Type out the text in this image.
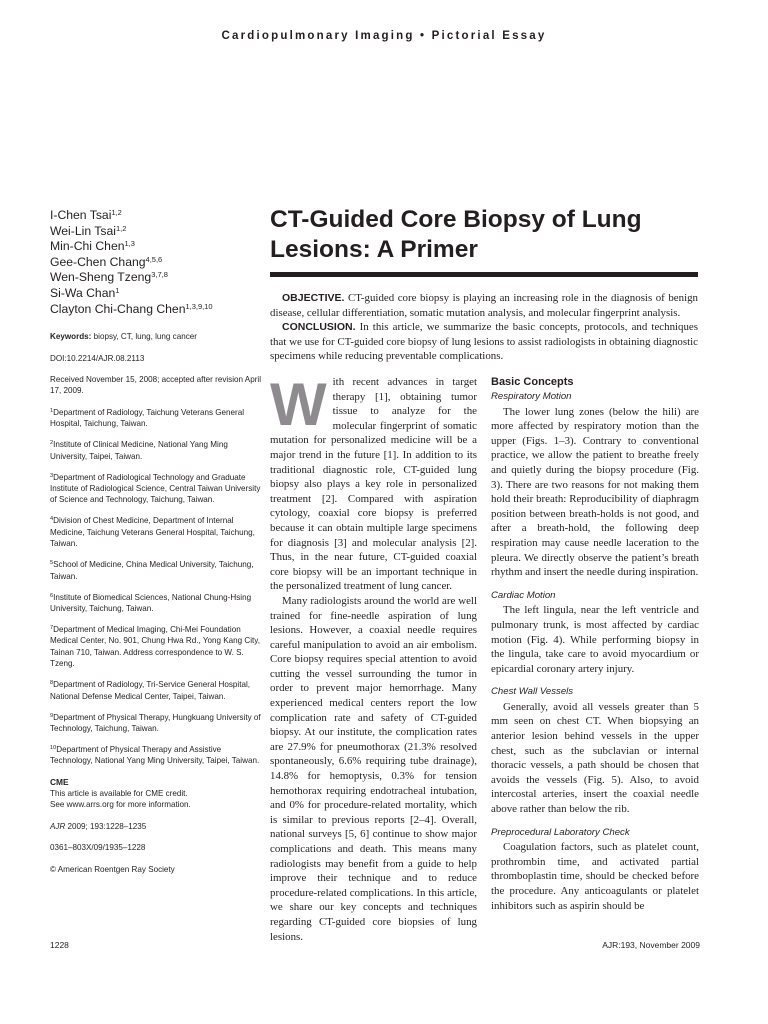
Cardiopulmonary Imaging • Pictorial Essay
I-Chen Tsai$^{1,2}$
Wei-Lin Tsai$^{1,2}$
Min-Chi Chen$^{1,3}$
Gee-Chen Chang$^{4,5,6}$
Wen-Sheng Tzeng$^{3,7,8}$
Si-Wa Chan$^1$
Clayton Chi-Chang Chen$^{1,3,9,10}$

Keywords: biopsy, CT, lung, lung cancer

DOI:10.2214/AJR.08.2113

Received November 15, 2008; accepted after revision April 17, 2009.

$^1$Department of Radiology, Taichung Veterans General Hospital, Taichung, Taiwan.
$^2$Institute of Clinical Medicine, National Yang Ming University, Taipei, Taiwan.
$^3$Department of Radiological Technology and Graduate Institute of Radiological Science, Central Taiwan University of Science and Technology, Taichung, Taiwan.
$^4$Division of Chest Medicine, Department of Internal Medicine, Taichung Veterans General Hospital, Taichung, Taiwan.
$^5$School of Medicine, China Medical University, Taichung, Taiwan.
$^6$Institute of Biomedical Sciences, National Chung-Hsing University, Taichung, Taiwan.
$^7$Department of Medical Imaging, Chi-Mei Foundation Medical Center, No. 901, Chung Hwa Rd., Yong Kang City, Tainan 710, Taiwan. Address correspondence to W. S. Tzeng.
$^8$Department of Radiology, Tri-Service General Hospital, National Defense Medical Center, Taipei, Taiwan.
$^9$Department of Physical Therapy, Hungkuang University of Technology, Taichung, Taiwan.
$^{10}$Department of Physical Therapy and Assistive Technology, National Yang Ming University, Taipei, Taiwan.
CME

This article is available for CME credit.
See www.arrs.org for more information.

AJR 2009; 193:1228–1235

0361–803X/09/1935–1228

© American Roentgen Ray Society

CT-Guided Core Biopsy of Lung Lesions: A Primer

OBJECTIVE. CT-guided core biopsy is playing an increasing role in the diagnosis of benign disease, cellular differentiation, somatic mutation analysis, and molecular fingerprint analysis.

CONCLUSION. In this article, we summarize the basic concepts, protocols, and techniques that we use for CT-guided core biopsy of lung lesions to assist radiologists in obtaining diagnostic specimens while reducing preventable complications.

With recent advances in target therapy [1], obtaining tumor tissue to analyze for the molecular fingerprint of somatic mutation for personalized medicine will be a major trend in the future [1]. In addition to its traditional diagnostic role, CT-guided lung biopsy also plays a key role in personalized treatment [2]. Compared with aspiration cytology, coaxial core biopsy is preferred because it can obtain multiple large specimens for diagnosis [3] and molecular analysis [2]. Thus, in the near future, CT-guided coaxial core biopsy will be an important technique in the personalized treatment of lung cancer.

Many radiologists around the world are well trained for fine-needle aspiration of lung lesions. However, a coaxial needle requires careful manipulation to avoid an air embolism. Core biopsy requires special attention to avoid cutting the vessel surrounding the tumor in order to prevent major hemorrhage. Many experienced medical centers report the low complication rate and safety of CT-guided biopsy. At our institute, the complication rates are 27.9% for pneumothorax (21.3% resolved spontaneously, 6.6% requiring tube drainage), 14.8% for hemoptysis, 0.3% for tension hemothorax requiring endotracheal intubation, and 0% for procedure-related mortality, which is similar to previous reports [2–4]. Overall, national surveys [5, 6] continue to show major complications and death. This means many radiologists may benefit from a guide to help improve their technique and to reduce procedure-related complications. In this article, we share our key concepts and techniques regarding CT-guided core biopsies of lung lesions.

Basic Concepts
Respiratory Motion

The lower lung zones (below the hili) are more affected by respiratory motion than the upper (Figs. 1–3). Contrary to conventional practice, we allow the patient to breathe freely and quietly during the biopsy procedure (Fig. 3). There are two reasons for not making them hold their breath: Reproducibility of diaphragm position between breath-holds is not good, and after a breath-hold, the following deep respiration may cause needle laceration to the pleura. We directly observe the patient’s breath rhythm and insert the needle during inspiration.

Cardiac Motion

The left lingula, near the left ventricle and pulmonary trunk, is most affected by cardiac motion (Fig. 4). While performing biopsy in the lingula, take care to avoid myocardium or epicardial coronary artery injury.

Chest Wall Vessels

Generally, avoid all vessels greater than 5 mm seen on chest CT. When biopsying an anterior lesion behind vessels in the upper chest, such as the subclavian or internal thoracic vessels, a path should be chosen that avoids the vessels (Fig. 5). Also, to avoid intercostal arteries, insert the coaxial needle above rather than below the rib.

Preprocedural Laboratory Check

Coagulation factors, such as platelet count, prothrombin time, and activated partial thromboplastin time, should be checked before the procedure. Any anticoagulants or platelet inhibitors such as aspirin should be

1228	AJR:193, November 2009
